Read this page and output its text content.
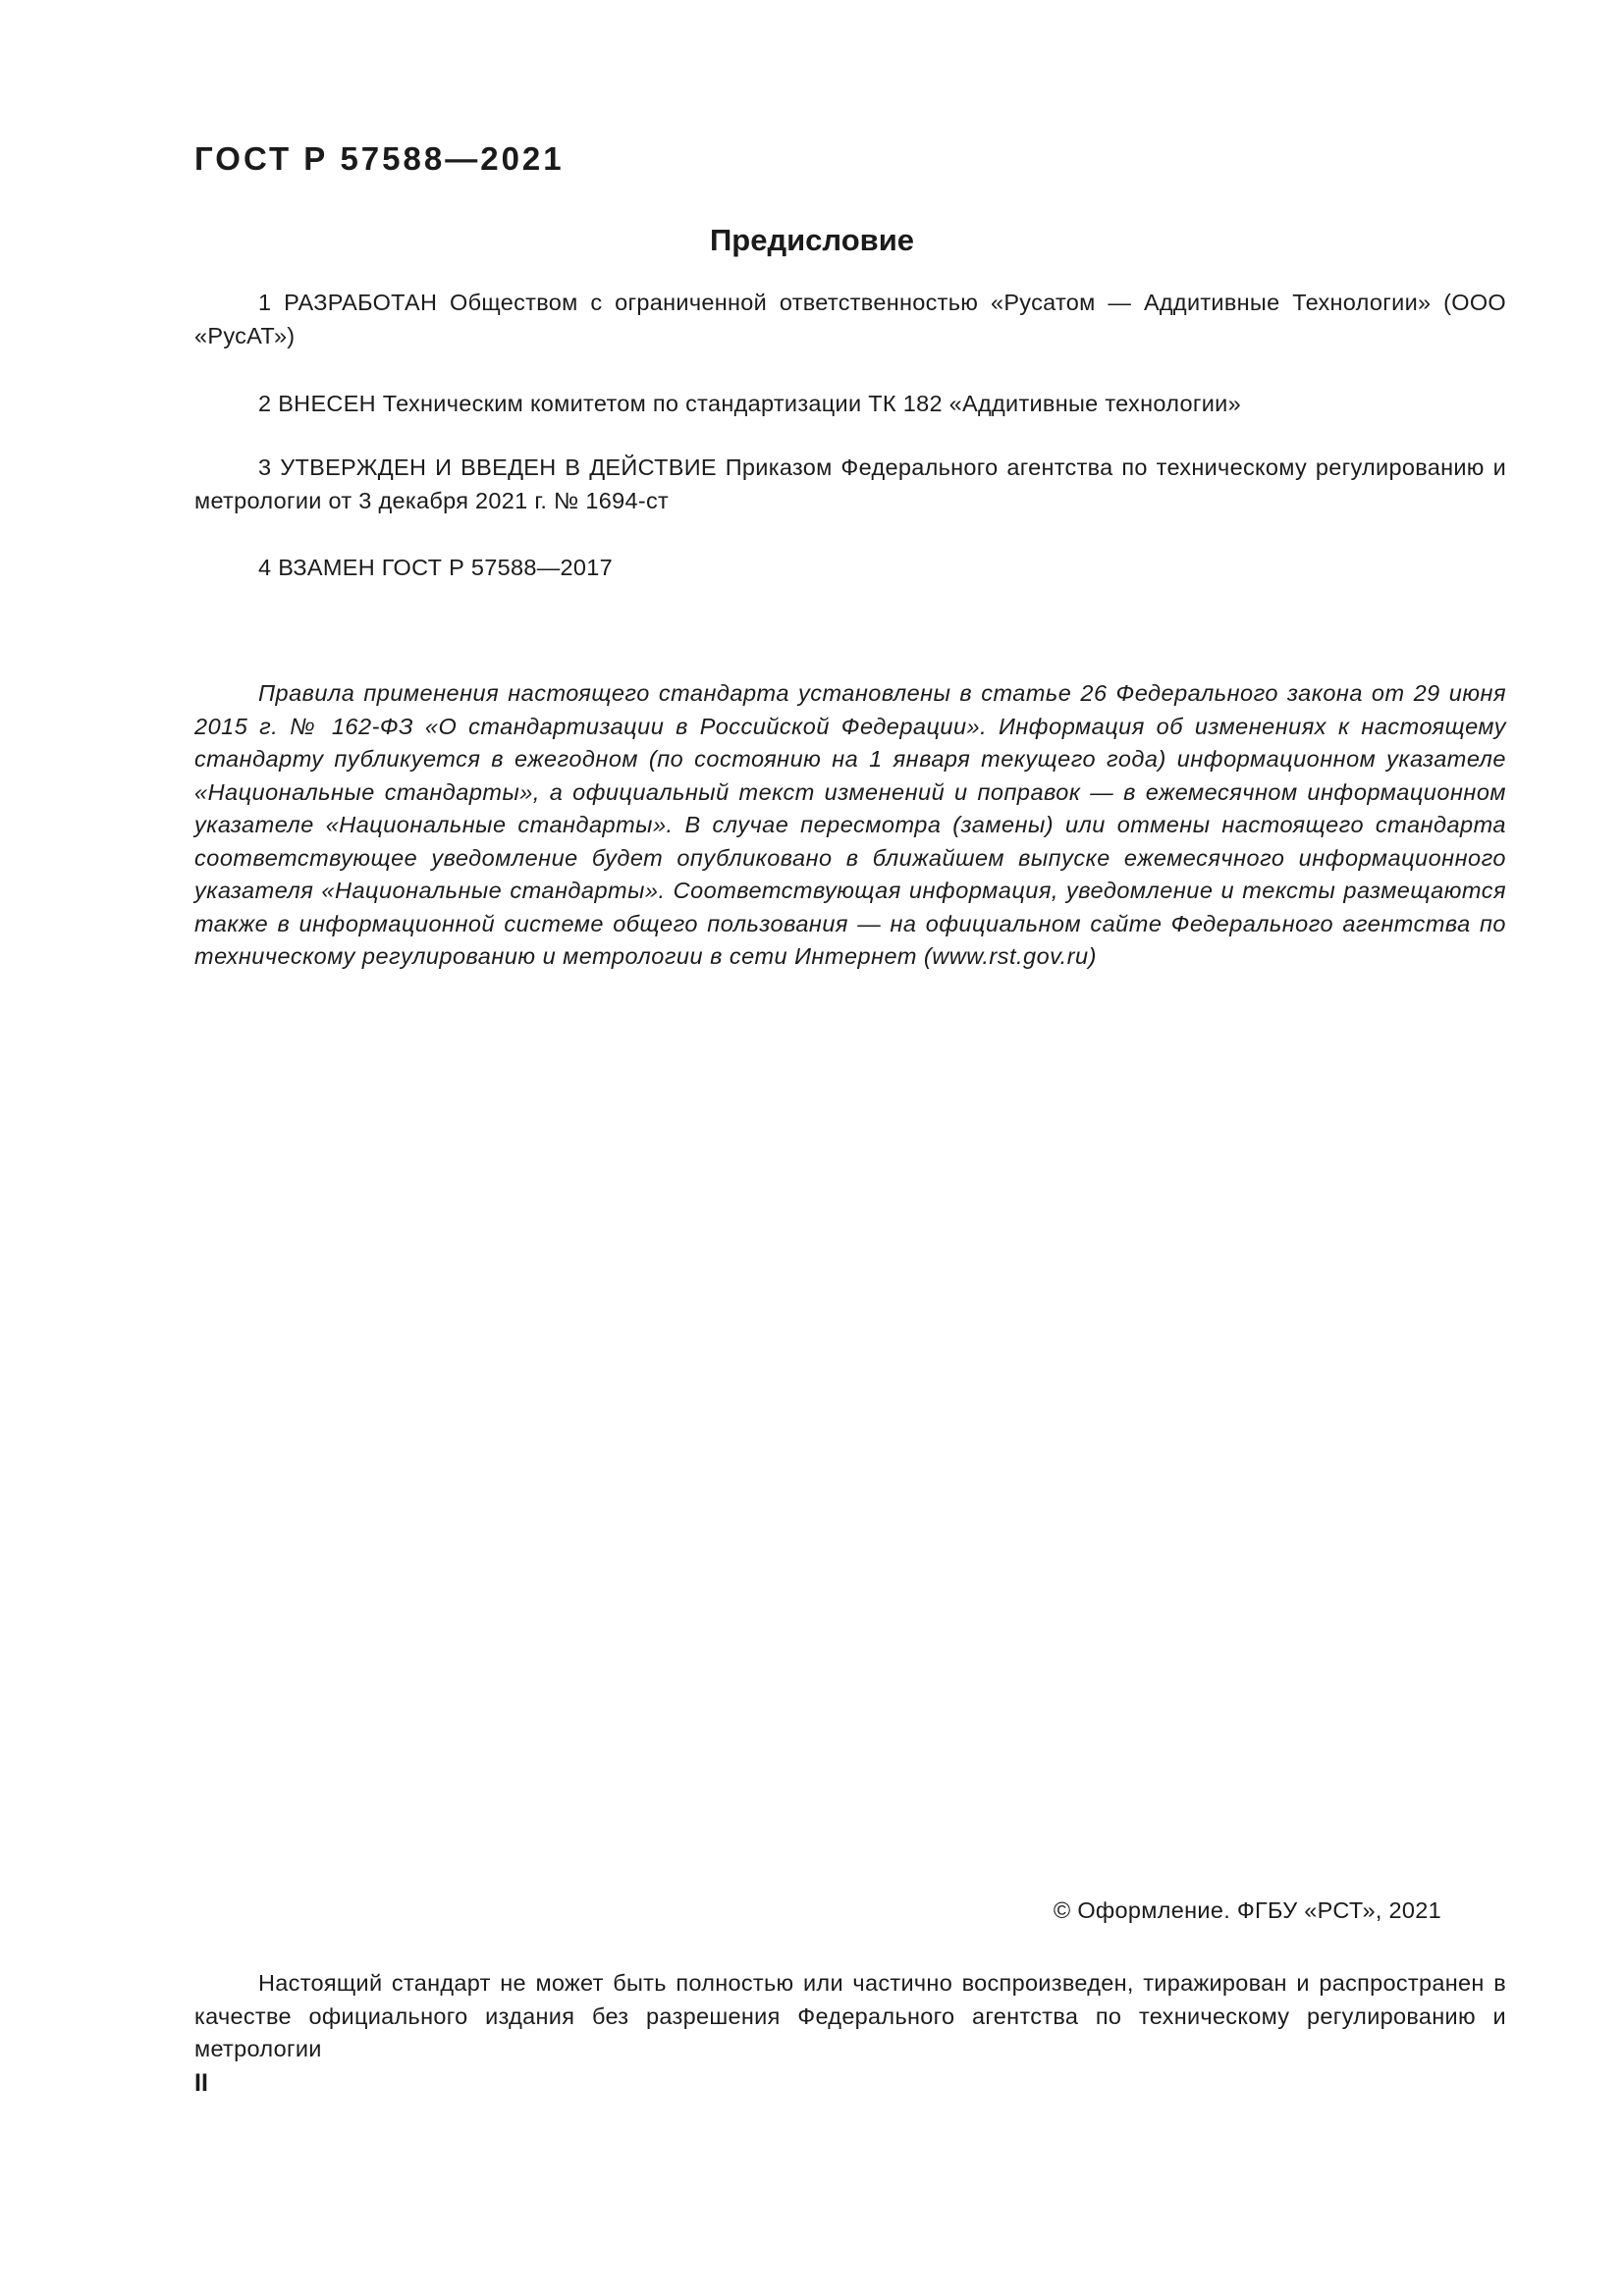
ГОСТ Р 57588—2021
Предисловие

1 РАЗРАБОТАН Обществом с ограниченной ответственностью «Русатом — Аддитивные Технологии» (ООО «РусАТ»)

2 ВНЕСЕН Техническим комитетом по стандартизации ТК 182 «Аддитивные технологии»

3 УТВЕРЖДЕН И ВВЕДЕН В ДЕЙСТВИЕ Приказом Федерального агентства по техническому регулированию и метрологии от 3 декабря 2021 г. № 1694-ст

4 ВЗАМЕН ГОСТ Р 57588—2017

Правила применения настоящего стандарта установлены в статье 26 Федерального закона от 29 июня 2015 г. № 162-ФЗ «О стандартизации в Российской Федерации». Информация об изменениях к настоящему стандарту публикуется в ежегодном (по состоянию на 1 января текущего года) информационном указателе «Национальные стандарты», а официальный текст изменений и поправок — в ежемесячном информационном указателе «Национальные стандарты». В случае пересмотра (замены) или отмены настоящего стандарта соответствующее уведомление будет опубликовано в ближайшем выпуске ежемесячного информационного указателя «Национальные стандарты». Соответствующая информация, уведомление и тексты размещаются также в информационной системе общего пользования — на официальном сайте Федерального агентства по техническому регулированию и метрологии в сети Интернет (www.rst.gov.ru)

© Оформление. ФГБУ «РСТ», 2021

Настоящий стандарт не может быть полностью или частично воспроизведен, тиражирован и распространен в качестве официального издания без разрешения Федерального агентства по техническому регулированию и метрологии

II
